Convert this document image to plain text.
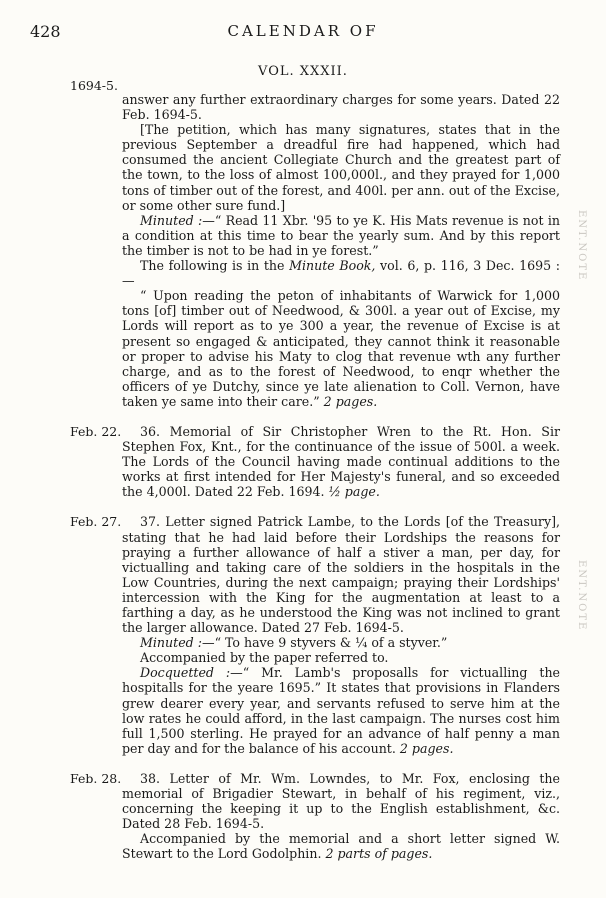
428	CALENDAR OF
VOL. XXXII.
1694-5.
ENT.NOTE
ENT.NOTE

answer any further extraordinary charges for some years. Dated 22 Feb. 1694-5.

[The petition, which has many signatures, states that in the previous September a dreadful fire had happened, which had consumed the ancient Collegiate Church and the greatest part of the town, to the loss of almost 100,000l., and they prayed for 1,000 tons of timber out of the forest, and 400l. per ann. out of the Excise, or some other sure fund.]

Minuted :—“ Read 11 Xbr. '95 to ye K. His Mats revenue is not in a condition at this time to bear the yearly sum. And by this report the timber is not to be had in ye forest.”

The following is in the Minute Book, vol. 6, p. 116, 3 Dec. 1695 :—

“ Upon reading the peton of inhabitants of Warwick for 1,000 tons [of] timber out of Needwood, & 300l. a year out of Excise, my Lords will report as to ye 300 a year, the revenue of Excise is at present so engaged & anticipated, they cannot think it reasonable or proper to advise his Maty to clog that revenue wth any further charge, and as to the forest of Needwood, to enqr whether the officers of ye Dutchy, since ye late alienation to Coll. Vernon, have taken ye same into their care.” 2 pages.

Feb. 22.	36. Memorial of Sir Christopher Wren to the Rt. Hon. Sir Stephen Fox, Knt., for the continuance of the issue of 500l. a week. The Lords of the Council having made continual additions to the works at first intended for Her Majesty's funeral, and so exceeded the 4,000l. Dated 22 Feb. 1694. ½ page.

Feb. 27.	37. Letter signed Patrick Lambe, to the Lords [of the Treasury], stating that he had laid before their Lordships the reasons for praying a further allowance of half a stiver a man, per day, for victualling and taking care of the soldiers in the hospitals in the Low Countries, during the next campaign; praying their Lordships' intercession with the King for the augmentation at least to a farthing a day, as he understood the King was not inclined to grant the larger allowance. Dated 27 Feb. 1694-5.

Minuted :—“ To have 9 styvers & ¼ of a styver.”

Accompanied by the paper referred to.

Docquetted :—“ Mr. Lamb's proposalls for victualling the hospitalls for the yeare 1695.” It states that provisions in Flanders grew dearer every year, and servants refused to serve him at the low rates he could afford, in the last campaign. The nurses cost him full 1,500 sterling. He prayed for an advance of half penny a man per day and for the balance of his account. 2 pages.

Feb. 28.	38. Letter of Mr. Wm. Lowndes, to Mr. Fox, enclosing the memorial of Brigadier Stewart, in behalf of his regiment, viz., concerning the keeping it up to the English establishment, &c. Dated 28 Feb. 1694-5.

Accompanied by the memorial and a short letter signed W. Stewart to the Lord Godolphin. 2 parts of pages.
